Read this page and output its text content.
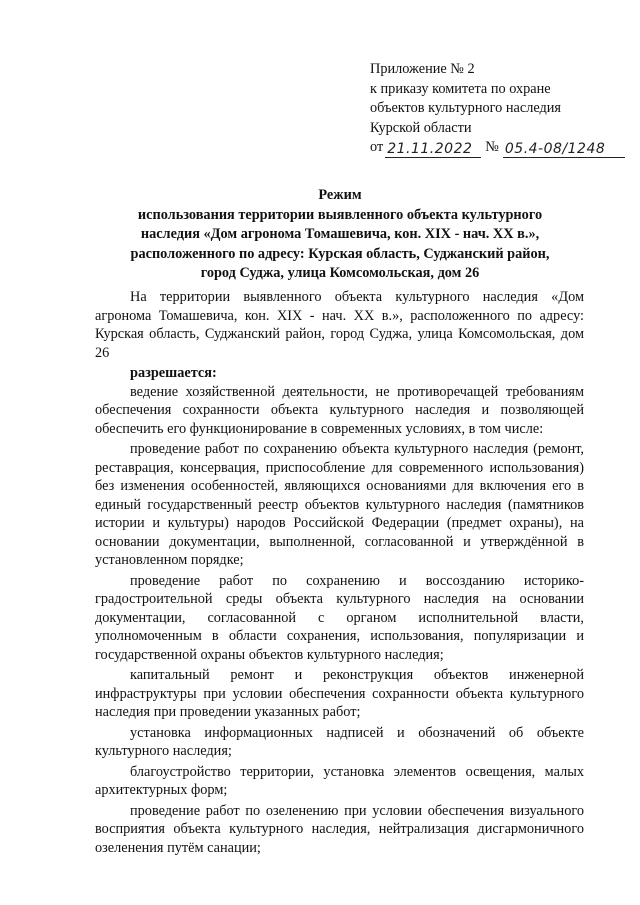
Приложение № 2
к приказу комитета по охране
объектов культурного наследия
Курской области
от 21.11.2022 № 05.4-08/1248
Режим
использования территории выявленного объекта культурного
наследия «Дом агронома Томашевича, кон. XIX - нач. XX в.»,
расположенного по адресу: Курская область, Суджанский район,
город Суджа, улица Комсомольская, дом 26

На территории выявленного объекта культурного наследия «Дом агронома Томашевича, кон. XIX - нач. XX в.», расположенного по адресу: Курская область, Суджанский район, город Суджа, улица Комсомольская, дом 26

разрешается:

ведение хозяйственной деятельности, не противоречащей требованиям обеспечения сохранности объекта культурного наследия и позволяющей обеспечить его функционирование в современных условиях, в том числе:

проведение работ по сохранению объекта культурного наследия (ремонт, реставрация, консервация, приспособление для современного использования) без изменения особенностей, являющихся основаниями для включения его в единый государственный реестр объектов культурного наследия (памятников истории и культуры) народов Российской Федерации (предмет охраны), на основании документации, выполненной, согласованной и утверждённой в установленном порядке;

проведение работ по сохранению и воссозданию историко-градостроительной среды объекта культурного наследия на основании документации, согласованной с органом исполнительной власти, уполномоченным в области сохранения, использования, популяризации и государственной охраны объектов культурного наследия;

капитальный ремонт и реконструкция объектов инженерной инфраструктуры при условии обеспечения сохранности объекта культурного наследия при проведении указанных работ;

установка информационных надписей и обозначений об объекте культурного наследия;

благоустройство территории, установка элементов освещения, малых архитектурных форм;

проведение работ по озеленению при условии обеспечения визуального восприятия объекта культурного наследия, нейтрализация дисгармоничного озеленения путём санации;
